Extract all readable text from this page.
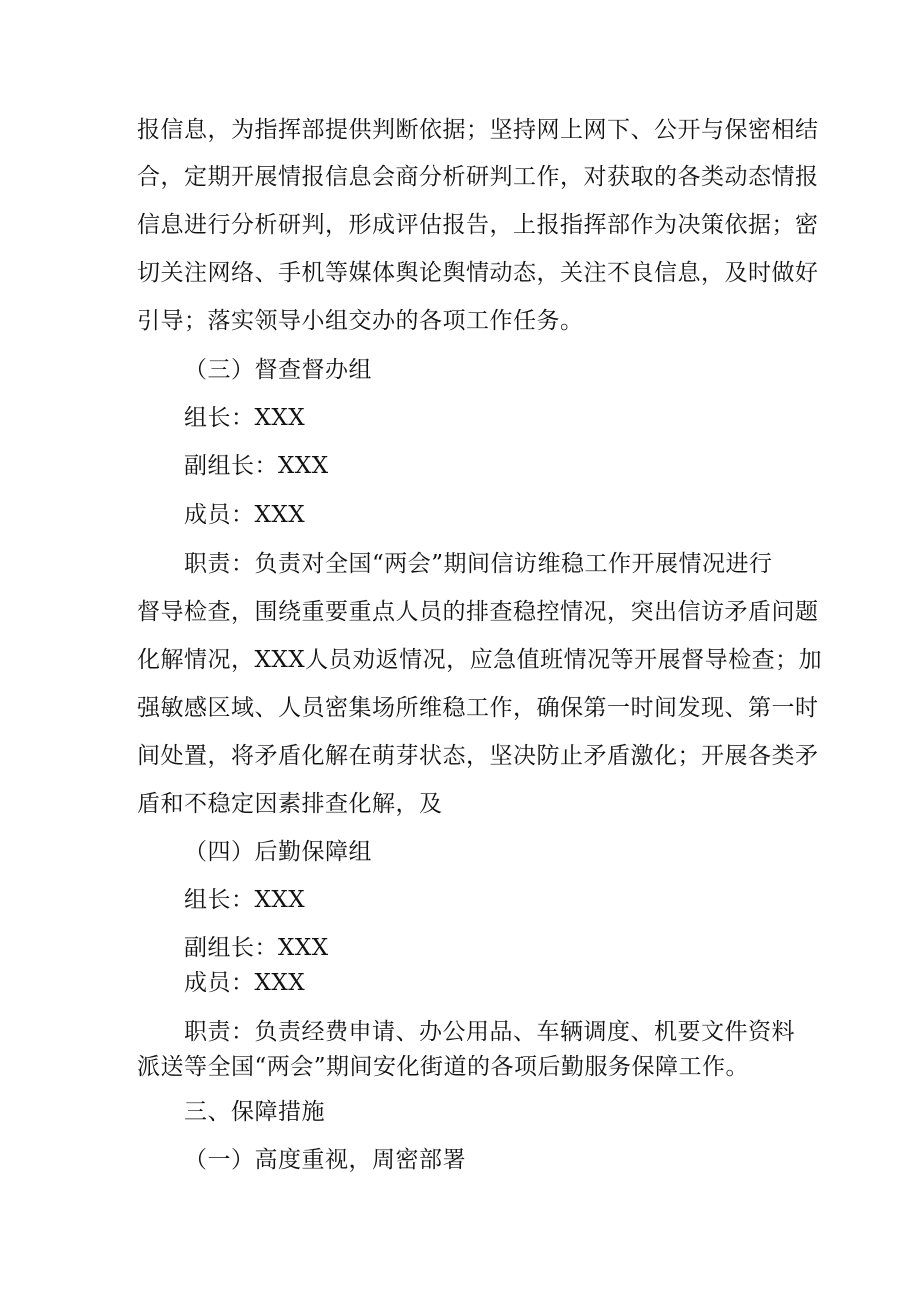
报信息，为指挥部提供判断依据；坚持网上网下、公开与保密相结
合，定期开展情报信息会商分析研判工作，对获取的各类动态情报
信息进行分析研判，形成评估报告，上报指挥部作为决策依据；密
切关注网络、手机等媒体舆论舆情动态，关注不良信息，及时做好
引导；落实领导小组交办的各项工作任务。
（三）督查督办组
组长：XXX
副组长：XXX
成员：XXX
职责：负责对全国“两会”期间信访维稳工作开展情况进行
督导检查，围绕重要重点人员的排查稳控情况，突出信访矛盾问题
化解情况，XXX人员劝返情况，应急值班情况等开展督导检查；加
强敏感区域、人员密集场所维稳工作，确保第一时间发现、第一时
间处置，将矛盾化解在萌芽状态，坚决防止矛盾激化；开展各类矛
盾和不稳定因素排查化解，及
（四）后勤保障组
组长：XXX
副组长：XXX
成员：XXX
职责：负责经费申请、办公用品、车辆调度、机要文件资料
派送等全国“两会”期间安化街道的各项后勤服务保障工作。
三、保障措施
（一）高度重视，周密部署
